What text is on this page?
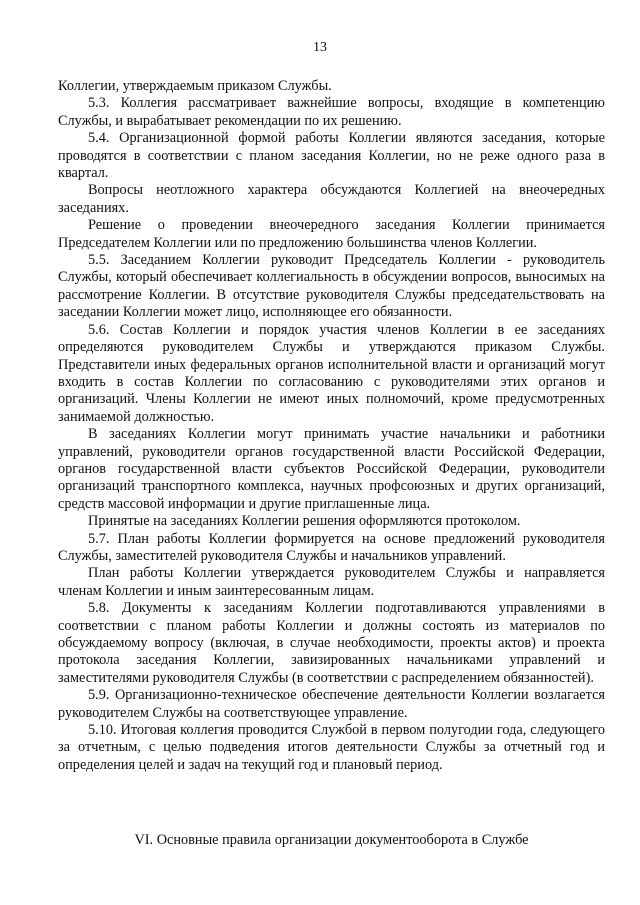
13

Коллегии, утверждаемым приказом Службы.

5.3. Коллегия рассматривает важнейшие вопросы, входящие в компетенцию Службы, и вырабатывает рекомендации по их решению.

5.4. Организационной формой работы Коллегии являются заседания, которые проводятся в соответствии с планом заседания Коллегии, но не реже одного раза в квартал.

Вопросы неотложного характера обсуждаются Коллегией на внеочередных заседаниях.

Решение о проведении внеочередного заседания Коллегии принимается Председателем Коллегии или по предложению большинства членов Коллегии.

5.5. Заседанием Коллегии руководит Председатель Коллегии - руководитель Службы, который обеспечивает коллегиальность в обсуждении вопросов, выносимых на рассмотрение Коллегии. В отсутствие руководителя Службы председательствовать на заседании Коллегии может лицо, исполняющее его обязанности.

5.6. Состав Коллегии и порядок участия членов Коллегии в ее заседаниях определяются руководителем Службы и утверждаются приказом Службы. Представители иных федеральных органов исполнительной власти и организаций могут входить в состав Коллегии по согласованию с руководителями этих органов и организаций. Члены Коллегии не имеют иных полномочий, кроме предусмотренных занимаемой должностью.

В заседаниях Коллегии могут принимать участие начальники и работники управлений, руководители органов государственной власти Российской Федерации, органов государственной власти субъектов Российской Федерации, руководители организаций транспортного комплекса, научных профсоюзных и других организаций, средств массовой информации и другие приглашенные лица.

Принятые на заседаниях Коллегии решения оформляются протоколом.

5.7. План работы Коллегии формируется на основе предложений руководителя Службы, заместителей руководителя Службы и начальников управлений.

План работы Коллегии утверждается руководителем Службы и направляется членам Коллегии и иным заинтересованным лицам.

5.8. Документы к заседаниям Коллегии подготавливаются управлениями в соответствии с планом работы Коллегии и должны состоять из материалов по обсуждаемому вопросу (включая, в случае необходимости, проекты актов) и проекта протокола заседания Коллегии, завизированных начальниками управлений и заместителями руководителя Службы (в соответствии с распределением обязанностей).

5.9. Организационно-техническое обеспечение деятельности Коллегии возлагается руководителем Службы на соответствующее управление.

5.10. Итоговая коллегия проводится Службой в первом полугодии года, следующего за отчетным, с целью подведения итогов деятельности Службы за отчетный год и определения целей и задач на текущий год и плановый период.

VI. Основные правила организации документооборота в Службе
